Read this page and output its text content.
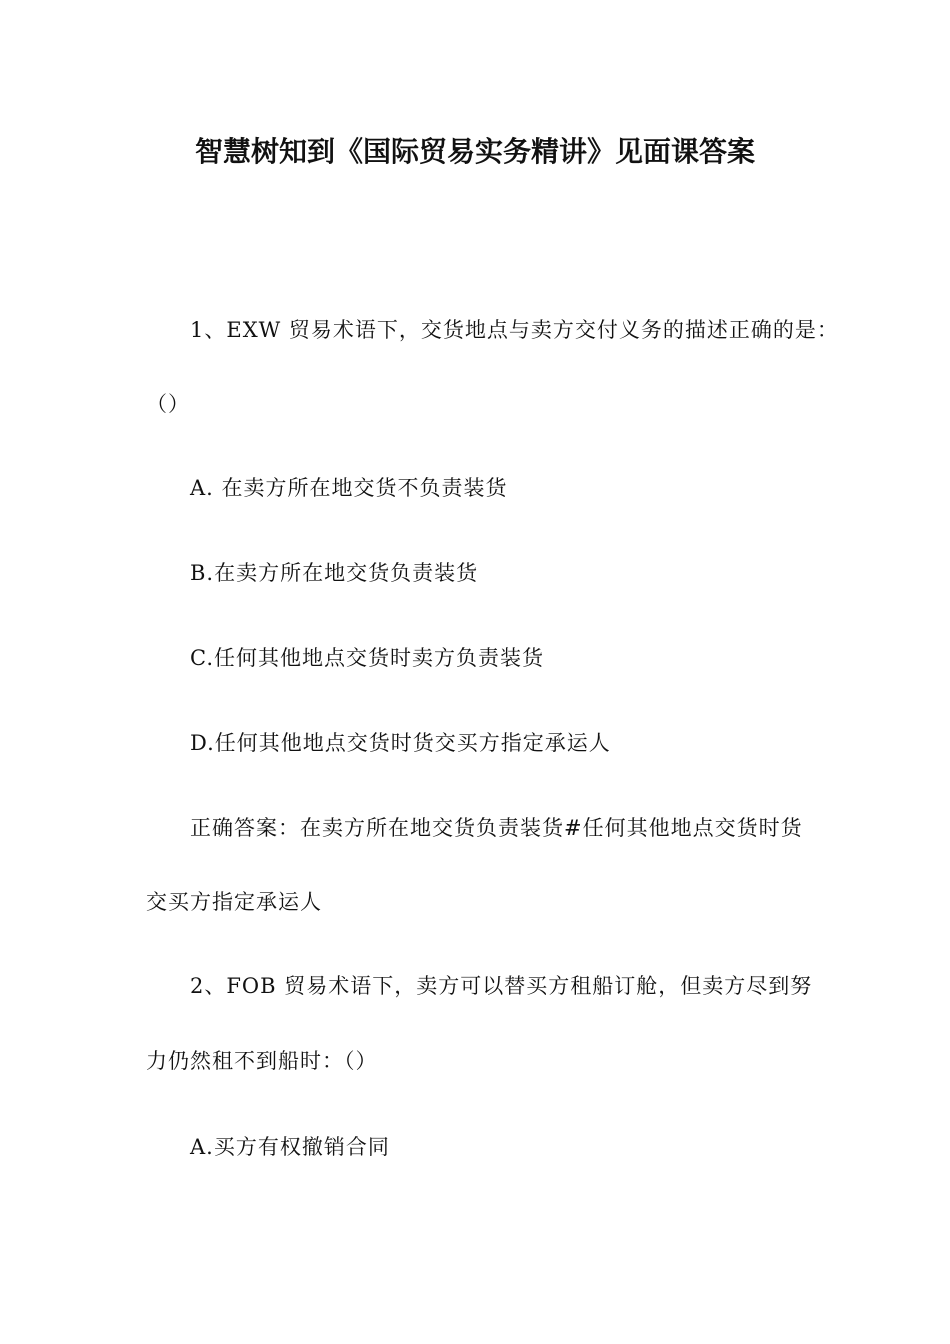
智慧树知到《国际贸易实务精讲》见面课答案
1、EXW 贸易术语下，交货地点与卖方交付义务的描述正确的是：
（）
A. 在卖方所在地交货不负责装货
B.在卖方所在地交货负责装货
C.任何其他地点交货时卖方负责装货
D.任何其他地点交货时货交买方指定承运人
正确答案：在卖方所在地交货负责装货#任何其他地点交货时货
交买方指定承运人
2、FOB 贸易术语下，卖方可以替买方租船订舱，但卖方尽到努
力仍然租不到船时：（）
A.买方有权撤销合同
